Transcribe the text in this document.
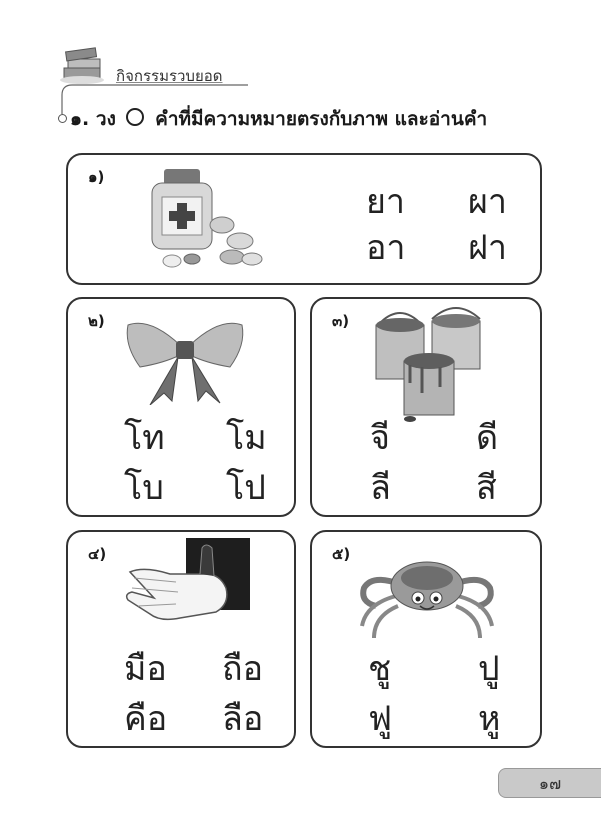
กิจกรรมรวบยอด
๑. วง คำที่มีความหมายตรงกับภาพ และอ่านคำ
๑)
ยา ผา
อา ฝา
๒)
โท โม
โบ โป
๓)
จี	ดี
ลี	สี
๔)
มือ ถือ
คือ ลือ
๕)
ชู	ปู
ฟู	หู
๑๗
